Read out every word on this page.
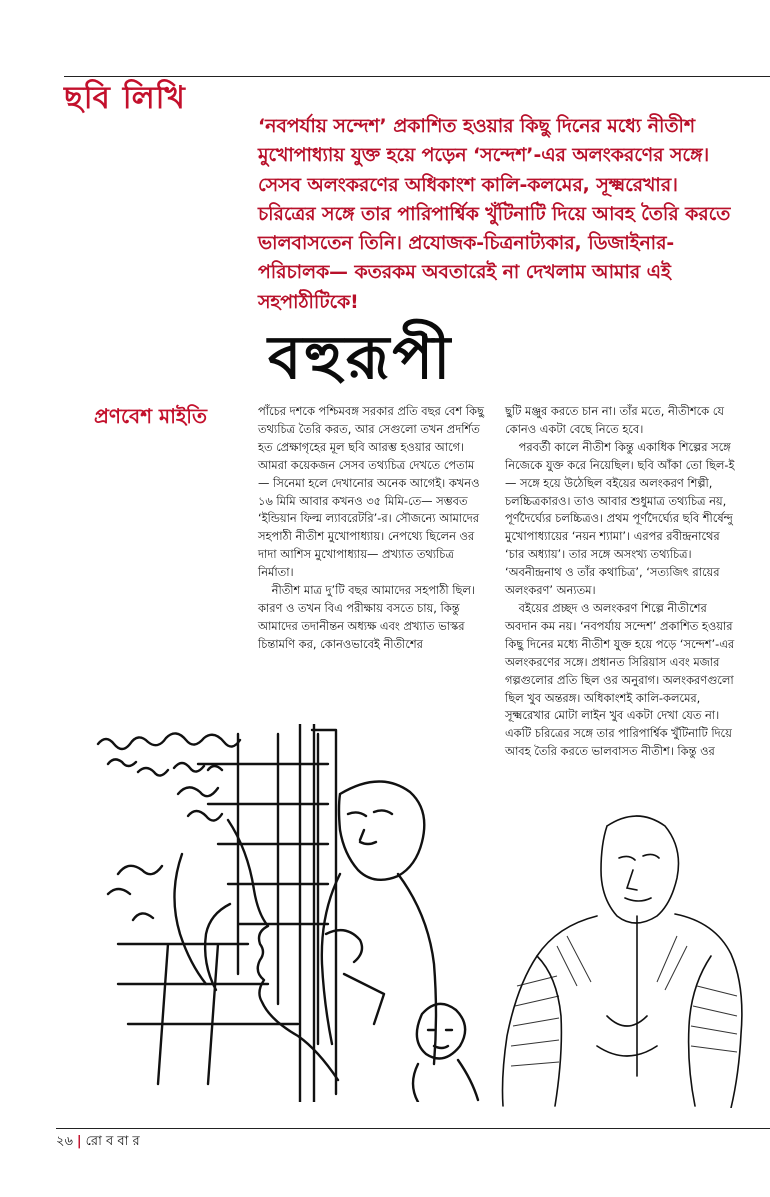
ছবি লিখি

‘নবপর্যায় সন্দেশ’ প্রকাশিত হওয়ার কিছু দিনের মধ্যে নীতীশ মুখোপাধ্যায় যুক্ত হয়ে পড়েন ‘সন্দেশ’-এর অলংকরণের সঙ্গে। সেসব অলংকরণের অধিকাংশ কালি-কলমের, সূক্ষ্মরেখার। চরিত্রের সঙ্গে তার পারিপার্শ্বিক খুঁটিনাটি দিয়ে আবহ তৈরি করতে ভালবাসতেন তিনি। প্রযোজক-চিত্রনাট্যকার, ডিজাইনার-পরিচালক— কতরকম অবতারেই না দেখলাম আমার এই সহপাঠীটিকে!

বহুরূপী
প্রণবেশ মাইতি	পাঁচের দশকে পশ্চিমবঙ্গ সরকার প্রতি বছর বেশ কিছু তথ্যচিত্র তৈরি করত, আর সেগুলো তখন প্রদর্শিত হত প্রেক্ষাগৃহের মূল ছবি আরম্ভ হওয়ার আগে। আমরা কয়েকজন সেসব তথ্যচিত্র দেখতে পেতাম— সিনেমা হলে দেখানোর অনেক আগেই। কখনও ১৬ মিমি আবার কখনও ৩৫ মিমি-তে— সম্ভবত ‘ইন্ডিয়ান ফিল্ম ল্যাবরেটরি’-র। সৌজন্যে আমাদের সহপাঠী নীতীশ মুখোপাধ্যায়। নেপথ্যে ছিলেন ওর দাদা আশিস মুখোপাধ্যায়— প্রখ্যাত তথ্যচিত্র নির্মাতা।

নীতীশ মাত্র দু’টি বছর আমাদের সহপাঠী ছিল। কারণ ও তখন বিএ পরীক্ষায় বসতে চায়, কিন্তু আমাদের তদানীন্তন অধ্যক্ষ এবং প্রখ্যাত ভাস্কর চিন্তামণি কর, কোনওভাবেই নীতীশের

ছুটি মঞ্জুর করতে চান না। তাঁর মতে, নীতীশকে যে কোনও একটা বেছে নিতে হবে।

পরবর্তী কালে নীতীশ কিন্তু একাধিক শিল্পের সঙ্গে নিজেকে যুক্ত করে নিয়েছিল। ছবি আঁকা তো ছিল-ই— সঙ্গে হয়ে উঠেছিল বইয়ের অলংকরণ শিল্পী, চলচ্চিত্রকারও। তাও আবার শুধুমাত্র তথ্যচিত্র নয়, পূর্ণদৈর্ঘ্যের চলচ্চিত্রও। প্রথম পূর্ণদৈর্ঘ্যের ছবি শীর্ষেন্দু মুখোপাধ্যায়ের ‘নয়ন শ্যামা’। এরপর রবীন্দ্রনাথের ‘চার অধ্যায়’। তার সঙ্গে অসংখ্য তথ্যচিত্র। ‘অবনীন্দ্রনাথ ও তাঁর কথাচিত্র’, ‘সত্যজিৎ রায়ের অলংকরণ’ অন্যতম।

বইয়ের প্রচ্ছদ ও অলংকরণ শিল্পে নীতীশের অবদান কম নয়। ‘নবপর্যায় সন্দেশ’ প্রকাশিত হওয়ার কিছু দিনের মধ্যে নীতীশ যুক্ত হয়ে পড়ে ‘সন্দেশ’-এর অলংকরণের সঙ্গে। প্রধানত সিরিয়াস এবং মজার গল্পগুলোর প্রতি ছিল ওর অনুরাগ। অলংকরণগুলো ছিল খুব অন্তরঙ্গ। অধিকাংশই কালি-কলমের, সূক্ষ্মরেখার মোটা লাইন খুব একটা দেখা যেত না। একটি চরিত্রের সঙ্গে তার পারিপার্শ্বিক খুঁটিনাটি দিয়ে আবহ তৈরি করতে ভালবাসত নীতীশ। কিন্তু ওর

২৬ | রো ব বা র
